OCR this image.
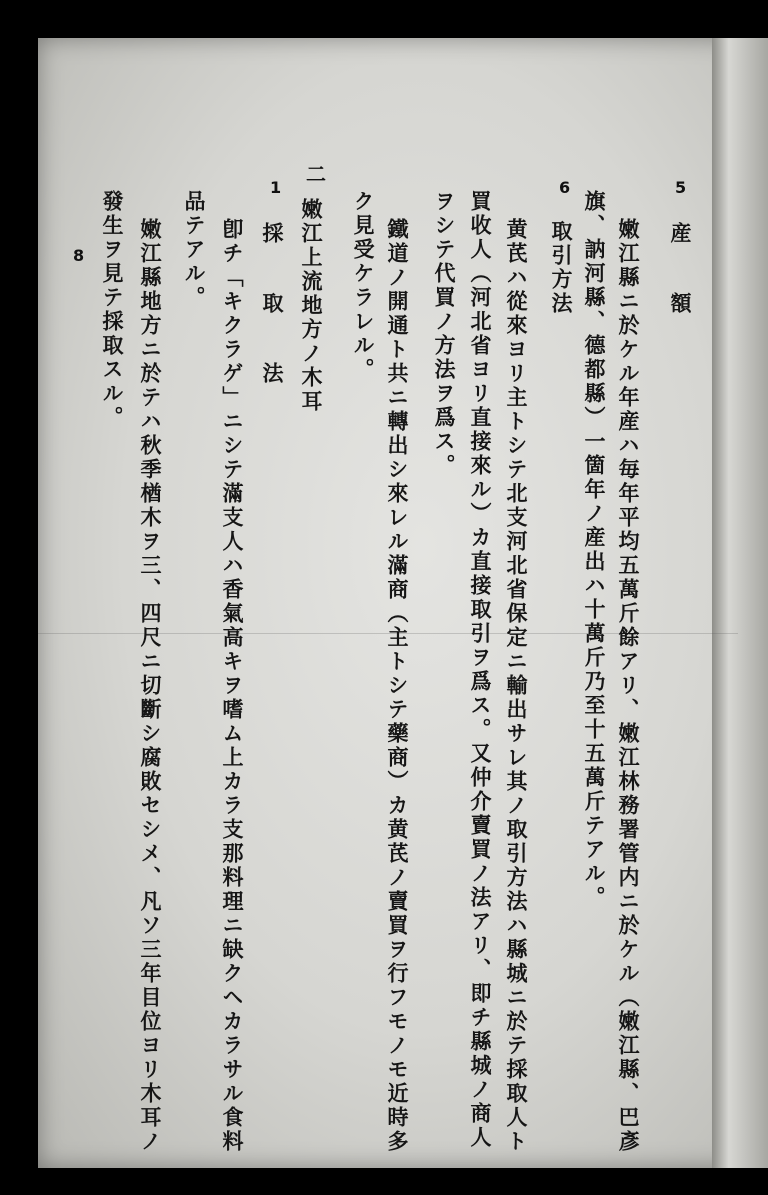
5
産 額
嫩江縣ニ於ケル年産ハ毎年平均五萬斤餘アリ、嫩江林務署管内ニ於ケル（嫩江縣、巴彥
旗、訥河縣、德都縣）一箇年ノ産出ハ十萬斤乃至十五萬斤テアル。
6
取引方法
黄芪ハ從來ヨリ主トシテ北支河北省保定ニ輸出サレ其ノ取引方法ハ縣城ニ於テ採取人ト
買收人（河北省ヨリ直接來ル）カ直接取引ヲ爲ス。又仲介賣買ノ法アリ、即チ縣城ノ商人
ヲシテ代買ノ方法ヲ爲ス。
鐵道ノ開通ト共ニ轉出シ來レル滿商（主トシテ藥商）カ黄芪ノ賣買ヲ行フモノモ近時多
ク見受ケラレル。
二
嫩江上流地方ノ木耳
1
採 取 法
卽チ「キクラゲ」ニシテ滿支人ハ香氣高キヲ嗜ム上カラ支那料理ニ缺クヘカラサル食料
品テアル。
嫩江縣地方ニ於テハ秋季楢木ヲ三、四尺ニ切斷シ腐敗セシメ、凡ソ三年目位ヨリ木耳ノ
發生ヲ見テ採取スル。
8
